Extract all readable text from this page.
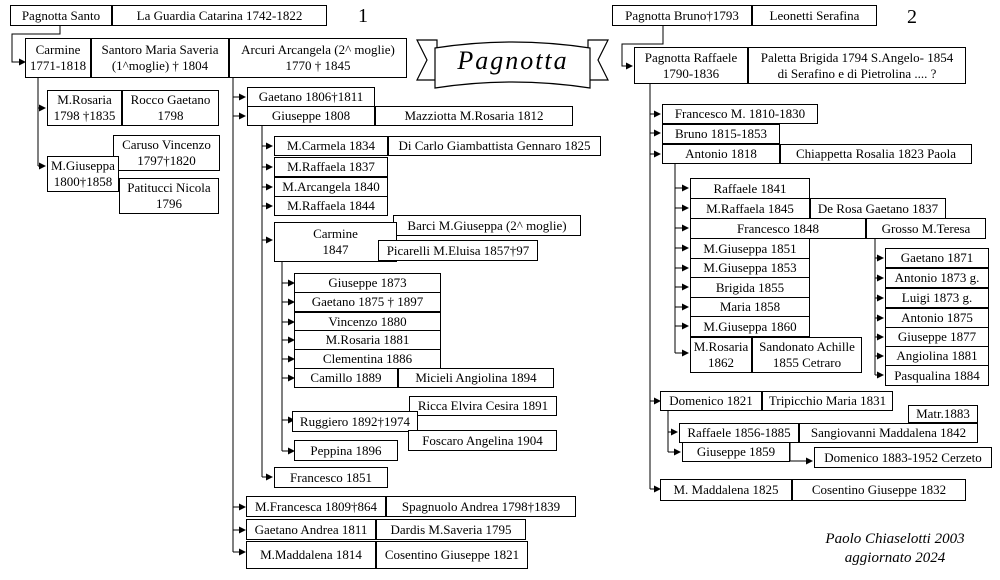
1	2
Pagnotta
Pagnotta Santo	La Guardia Catarina 1742-1822
Carmine
1771-1818
Santoro Maria Saveria
(1^moglie) † 1804
Arcuri Arcangela (2^ moglie)
1770 † 1845
M.Rosaria
1798 †1835
Rocco Gaetano
1798
Caruso Vincenzo
1797†1820
M.Giuseppa
1800†1858 Patitucci Nicola
1796
Gaetano 1806†1811
Giuseppe 1808	Mazziotta M.Rosaria 1812
M.Carmela 1834	Di Carlo Giambattista Gennaro 1825
M.Raffaela 1837
M.Arcangela 1840
M.Raffaela 1844
Barci M.Giuseppa (2^ moglie)
Carmine
1847	Picarelli M.Eluisa 1857†97
Giuseppe 1873
Gaetano 1875 † 1897
Vincenzo 1880
M.Rosaria 1881
Clementina 1886
Camillo 1889	Micieli Angiolina 1894
Ricca Elvira Cesira 1891
Ruggiero 1892†1974
Foscaro Angelina 1904
Peppina 1896
Francesco 1851
M.Francesca 1809†864	Spagnuolo Andrea 1798†1839
Gaetano Andrea 1811	Dardis M.Saveria 1795
M.Maddalena 1814	Cosentino Giuseppe 1821
Pagnotta Bruno†1793	Leonetti Serafina
Pagnotta Raffaele
1790-1836
Paletta Brigida 1794 S.Angelo- 1854
di Serafino e di Pietrolina .... ?
Francesco M. 1810-1830
Bruno 1815-1853
Antonio 1818	Chiappetta Rosalia 1823 Paola
Raffaele 1841
M.Raffaela 1845	De Rosa Gaetano 1837
Francesco 1848	Grosso M.Teresa
M.Giuseppa 1851
M.Giuseppa 1853
Brigida 1855
Maria 1858
M.Giuseppa 1860
M.Rosaria
1862
Sandonato Achille
1855 Cetraro
Gaetano 1871
Antonio 1873 g.
Luigi 1873 g.
Antonio 1875
Giuseppe 1877
Angiolina 1881
Pasqualina 1884
Domenico 1821	Tripicchio Maria 1831
Matr.1883
Raffaele 1856-1885	Sangiovanni Maddalena 1842
Giuseppe 1859	Domenico 1883-1952 Cerzeto
M. Maddalena 1825	Cosentino Giuseppe 1832
Paolo Chiaselotti 2003
aggiornato 2024
